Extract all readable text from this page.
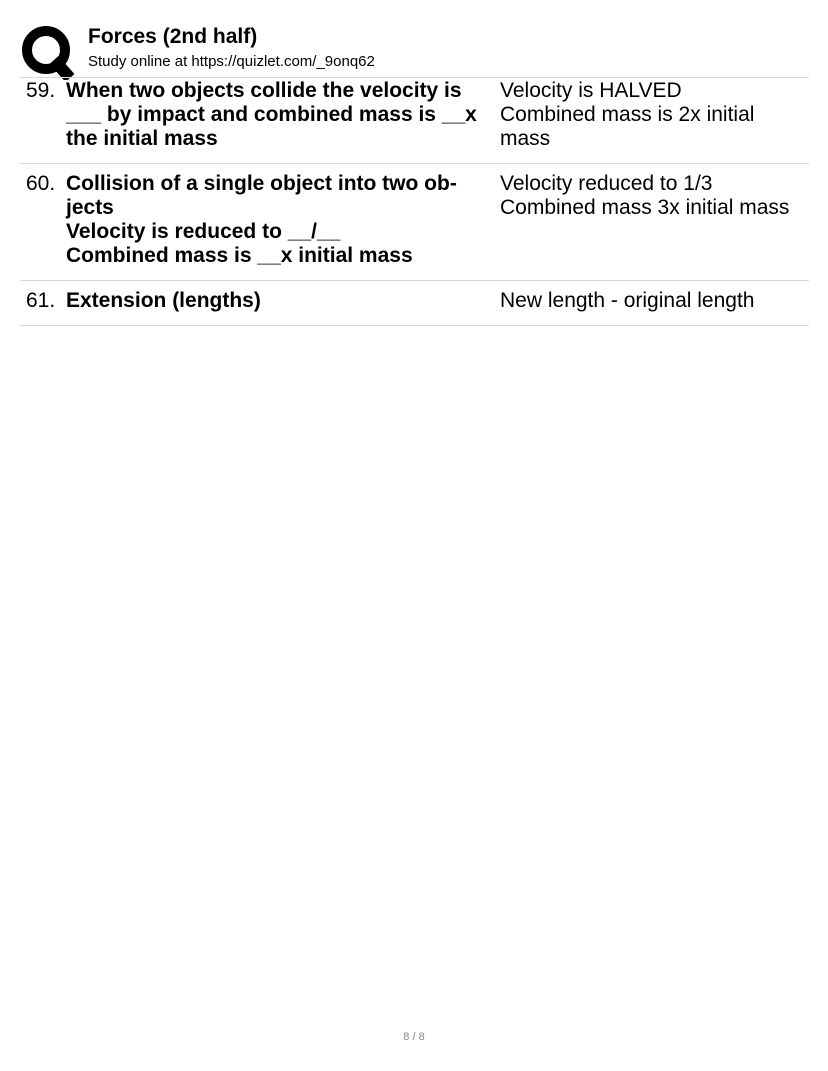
Forces (2nd half)
Study online at https://quizlet.com/_9onq62
59. When two objects collide the velocity is
___ by impact and combined mass is __x
the initial mass
Velocity is HALVED
Combined mass is 2x initial
mass
60. Collision of a single object into two ob-
jects
Velocity is reduced to __/__
Combined mass is __x initial mass
Velocity reduced to 1/3
Combined mass 3x initial mass
61. Extension (lengths)	New length - original length
8 / 8
